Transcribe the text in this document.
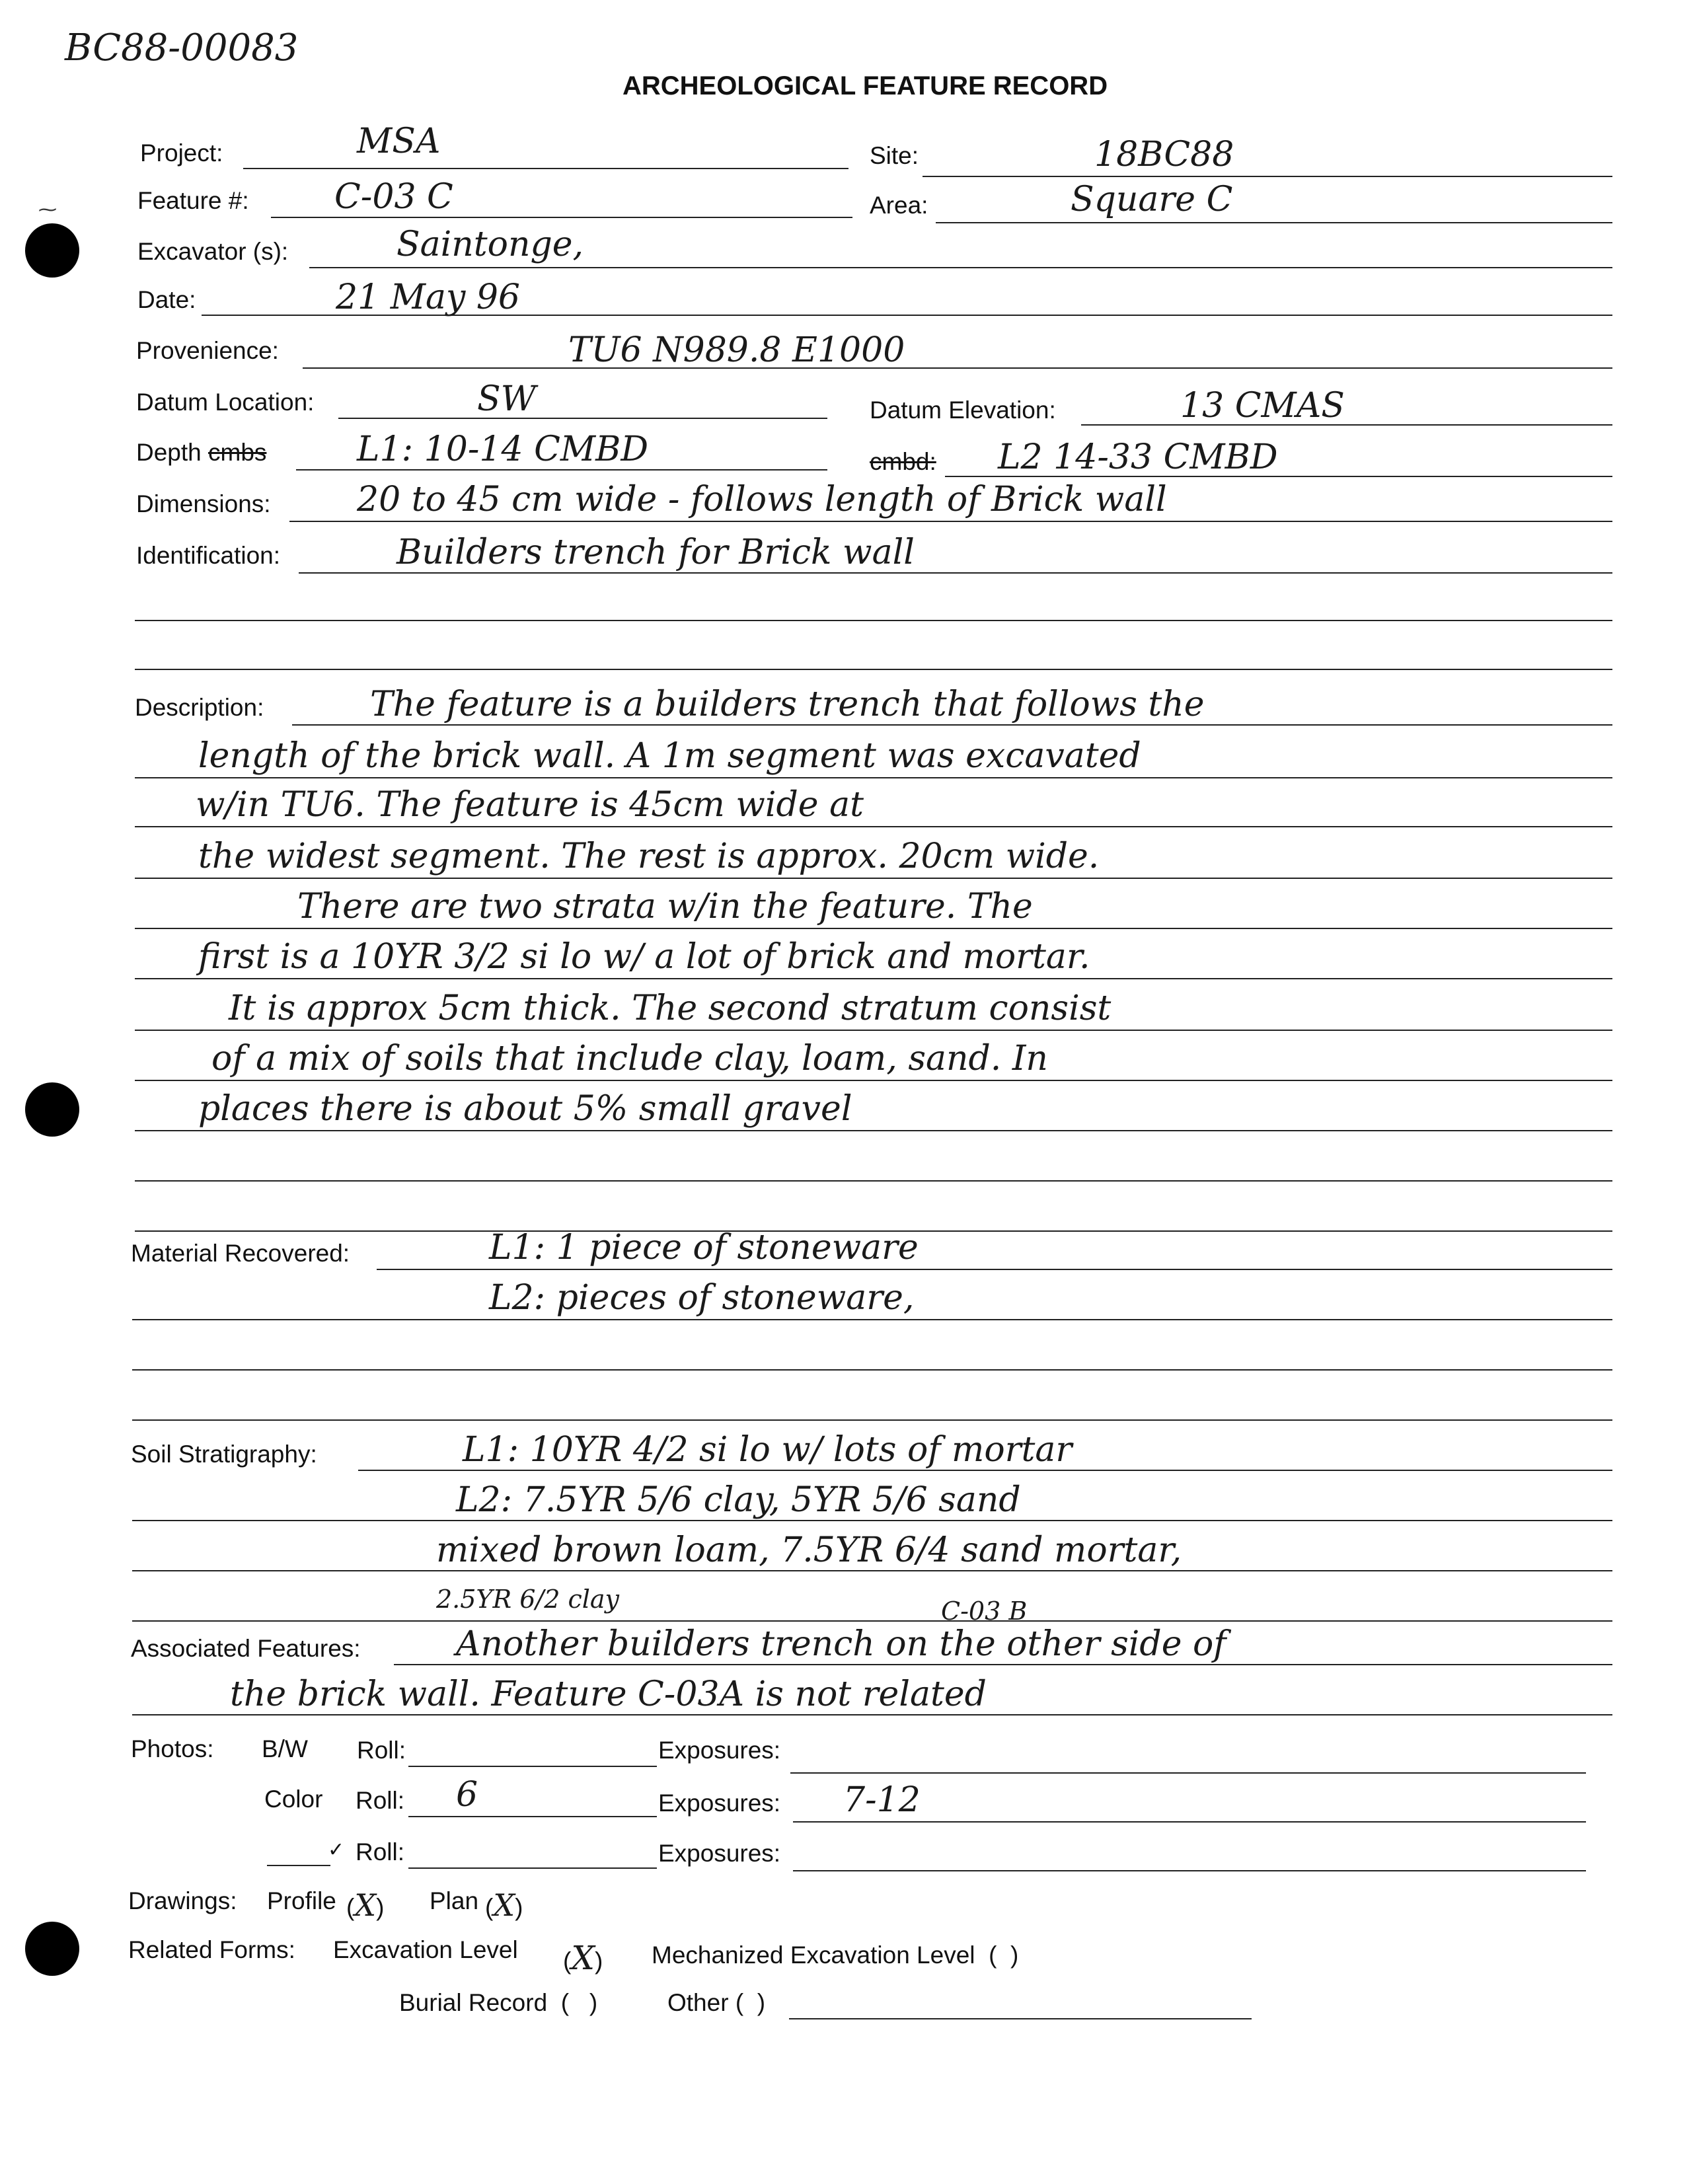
⁓
BC88-00083
ARCHEOLOGICAL FEATURE RECORD
Project:	MSA	Site:	18BC88
Feature #: C-03 C	Area:	Square C
Excavator (s):	Saintonge,
Date:	21 May 96
Provenience:	TU6 N989.8 E1000
Datum Location:	SW	Datum Elevation:	13 CMAS
Depth cmbs	L1: 10-14 CMBD	cmbd: L2 14-33 CMBD
Dimensions:	20 to 45 cm wide - follows length of Brick wall
Identification:	Builders trench for Brick wall
Description:	The feature is a builders trench that follows the
length of the brick wall. A 1m segment was excavated
w/in TU6. The feature is 45cm wide at
the widest segment. The rest is approx. 20cm wide.
There are two strata w/in the feature. The
first is a 10YR 3/2 si lo w/ a lot of brick and mortar.
It is approx 5cm thick. The second stratum consist
of a mix of soils that include clay, loam, sand. In
places there is about 5% small gravel
Material Recovered:	L1: 1 piece of stoneware
L2: pieces of stoneware,
Soil Stratigraphy:	L1: 10YR 4/2 si lo w/ lots of mortar
L2: 7.5YR 5/6 clay, 5YR 5/6 sand
mixed brown loam, 7.5YR 6/4 sand mortar,
2.5YR 6/2 clay
Associated Features:
C-03 B
Another builders trench on the other side of
the brick wall. Feature C-03A is not related
Photos: B/W Roll:	Exposures:
Color Roll: 6	Exposures: 7-12
✓ Roll:	Exposures:
Drawings: Profile (X) Plan (X)
Related Forms: Excavation Level (X) Mechanized Excavation Level  (  )
Burial Record  (   )	Other (  )
